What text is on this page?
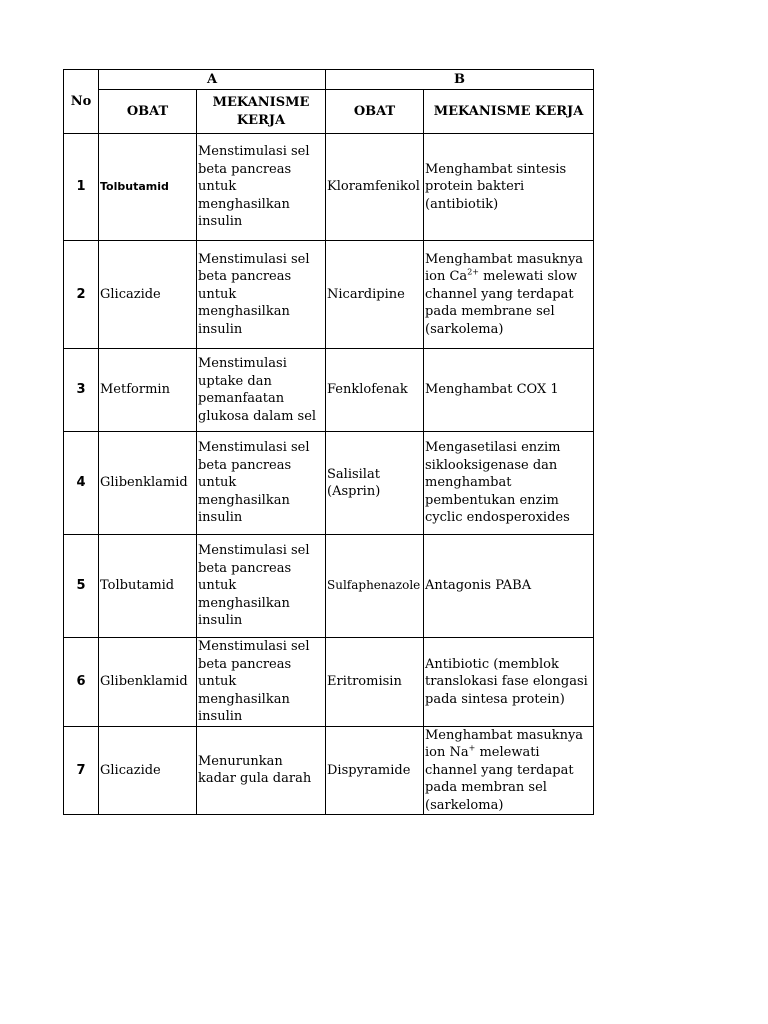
No	A		B	
	OBAT	MEKANISME KERJA	OBAT	MEKANISME KERJA
1	Tolbutamid	Menstimulasi sel beta pancreas untuk menghasilkan insulin	Kloramfenikol	Menghambat sintesis protein bakteri (antibiotik)
2	Glicazide	Menstimulasi sel beta pancreas untuk menghasilkan insulin	Nicardipine	Menghambat masuknya ion $Ca^{2+}$ melewati slow channel yang terdapat pada membrane sel (sarkolema)
3	Metformin	Menstimulasi uptake dan pemanfaatan glukosa dalam sel	Fenklofenak	Menghambat COX 1
4	Glibenklamid	Menstimulasi sel beta pancreas untuk menghasilkan insulin	Salisilat (Asprin)	Mengasetilasi enzim siklooksigenase dan menghambat pembentukan enzim cyclic endosperoxides
5	Tolbutamid	Menstimulasi sel beta pancreas untuk menghasilkan insulin	Sulfaphenazole	Antagonis PABA
6	Glibenklamid	Menstimulasi sel beta pancreas untuk menghasilkan insulin	Eritromisin	Antibiotic (memblok translokasi fase elongasi pada sintesa protein)
7	Glicazide	Menurunkan kadar gula darah	Dispyramide	Menghambat masuknya ion Na+ melewati channel yang terdapat pada membran sel (sarkeloma)
